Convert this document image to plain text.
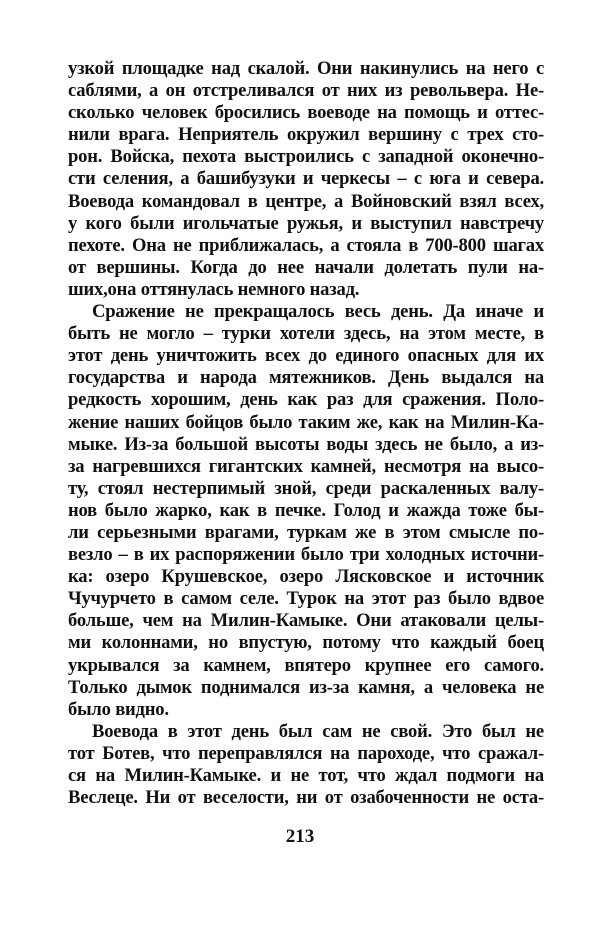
узкой площадке над скалой. Они накинулись на него с
саблями, а он отстреливался от них из револьвера. Не-
сколько человек бросились воеводе на помощь и оттес-
нили врага. Неприятель окружил вершину с трех сто-
рон. Войска, пехота выстроились с западной оконечно-
сти селения, а башибузуки и черкесы – с юга и севера.
Воевода командовал в центре, а Войновский взял всех,
у кого были игольчатые ружья, и выступил навстречу
пехоте. Она не приближалась, а стояла в 700-800 шагах
от вершины. Когда до нее начали долетать пули на-
ших,она оттянулась немного назад.
Сражение не прекращалось весь день. Да иначе и
быть не могло – турки хотели здесь, на этом месте, в
этот день уничтожить всех до единого опасных для их
государства и народа мятежников. День выдался на
редкость хорошим, день как раз для сражения. Поло-
жение наших бойцов было таким же, как на Милин-Ка-
мыке. Из-за большой высоты воды здесь не было, а из-
за нагревшихся гигантских камней, несмотря на высо-
ту, стоял нестерпимый зной, среди раскаленных валу-
нов было жарко, как в печке. Голод и жажда тоже бы-
ли серьезными врагами, туркам же в этом смысле по-
везло – в их распоряжении было три холодных источни-
ка: озеро Крушевское, озеро Лясковское и источник
Чучурчето в самом селе. Турок на этот раз было вдвое
больше, чем на Милин-Камыке. Они атаковали целы-
ми колоннами, но впустую, потому что каждый боец
укрывался за камнем, впятеро крупнее его самого.
Только дымок поднимался из-за камня, а человека не
было видно.
Воевода в этот день был сам не свой. Это был не
тот Ботев, что переправлялся на пароходе, что сражал-
ся на Милин-Камыке. и не тот, что ждал подмоги на
Веслеце. Ни от веселости, ни от озабоченности не оста-
213
